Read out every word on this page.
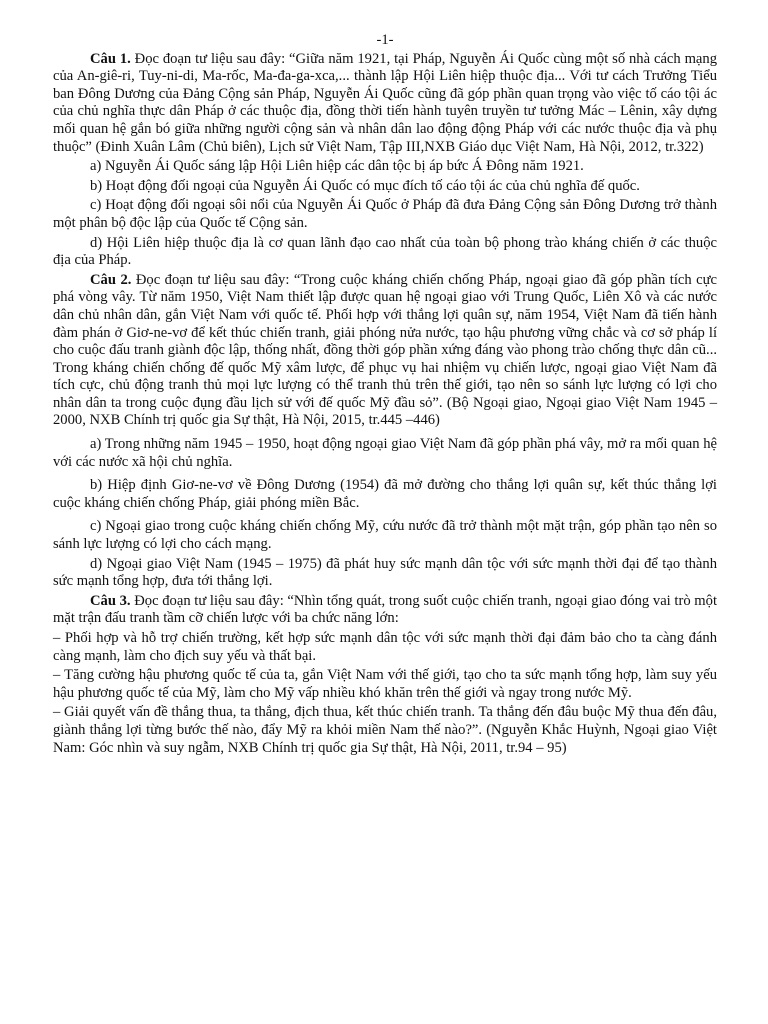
-1-

Câu 1. Đọc đoạn tư liệu sau đây: “Giữa năm 1921, tại Pháp, Nguyễn Ái Quốc cùng một số nhà cách mạng của An-giê-ri, Tuy-ni-di, Ma-rốc, Ma-đa-ga-xca,... thành lập Hội Liên hiệp thuộc địa... Với tư cách Trưởng Tiểu ban Đông Dương của Đảng Cộng sản Pháp, Nguyễn Ái Quốc cũng đã góp phần quan trọng vào việc tố cáo tội ác của chủ nghĩa thực dân Pháp ở các thuộc địa, đồng thời tiến hành tuyên truyền tư tưởng Mác – Lênin, xây dựng mối quan hệ gắn bó giữa những người cộng sản và nhân dân lao động động Pháp với các nước thuộc địa và phụ thuộc” (Đinh Xuân Lâm (Chủ biên), Lịch sử Việt Nam, Tập III,NXB Giáo dục Việt Nam, Hà Nội, 2012, tr.322)

a) Nguyễn Ái Quốc sáng lập Hội Liên hiệp các dân tộc bị áp bức Á Đông năm 1921.

b) Hoạt động đối ngoại của Nguyễn Ái Quốc có mục đích tố cáo tội ác của chủ nghĩa đế quốc.

c) Hoạt động đối ngoại sôi nổi của Nguyễn Ái Quốc ở Pháp đã đưa Đảng Cộng sản Đông Dương trở thành một phân bộ độc lập của Quốc tế Cộng sản.

d) Hội Liên hiệp thuộc địa là cơ quan lãnh đạo cao nhất của toàn bộ phong trào kháng chiến ở các thuộc địa của Pháp.

Câu 2. Đọc đoạn tư liệu sau đây: “Trong cuộc kháng chiến chống Pháp, ngoại giao đã góp phần tích cực phá vòng vây. Từ năm 1950, Việt Nam thiết lập được quan hệ ngoại giao với Trung Quốc, Liên Xô và các nước dân chủ nhân dân, gắn Việt Nam với quốc tế. Phối hợp với thắng lợi quân sự, năm 1954, Việt Nam đã tiến hành đàm phán ở Giơ-ne-vơ để kết thúc chiến tranh, giải phóng nửa nước, tạo hậu phương vững chắc và cơ sở pháp lí cho cuộc đấu tranh giành độc lập, thống nhất, đồng thời góp phần xứng đáng vào phong trào chống thực dân cũ... Trong kháng chiến chống đế quốc Mỹ xâm lược, để phục vụ hai nhiệm vụ chiến lược, ngoại giao Việt Nam đã tích cực, chủ động tranh thủ mọi lực lượng có thể tranh thủ trên thế giới, tạo nên so sánh lực lượng có lợi cho nhân dân ta trong cuộc đụng đầu lịch sử với đế quốc Mỹ đầu sỏ”. (Bộ Ngoại giao, Ngoại giao Việt Nam 1945 – 2000, NXB Chính trị quốc gia Sự thật, Hà Nội, 2015, tr.445 –446)

a) Trong những năm 1945 – 1950, hoạt động ngoại giao Việt Nam đã góp phần phá vây, mở ra mối quan hệ với các nước xã hội chủ nghĩa.

b) Hiệp định Giơ-ne-vơ về Đông Dương (1954) đã mở đường cho thắng lợi quân sự, kết thúc thắng lợi cuộc kháng chiến chống Pháp, giải phóng miền Bắc.

c) Ngoại giao trong cuộc kháng chiến chống Mỹ, cứu nước đã trở thành một mặt trận, góp phần tạo nên so sánh lực lượng có lợi cho cách mạng.

d) Ngoại giao Việt Nam (1945 – 1975) đã phát huy sức mạnh dân tộc với sức mạnh thời đại để tạo thành sức mạnh tổng hợp, đưa tới thắng lợi.

Câu 3. Đọc đoạn tư liệu sau đây: “Nhìn tổng quát, trong suốt cuộc chiến tranh, ngoại giao đóng vai trò một mặt trận đấu tranh tầm cỡ chiến lược với ba chức năng lớn:

– Phối hợp và hỗ trợ chiến trường, kết hợp sức mạnh dân tộc với sức mạnh thời đại đảm bảo cho ta càng đánh càng mạnh, làm cho địch suy yếu và thất bại.

– Tăng cường hậu phương quốc tế của ta, gắn Việt Nam với thế giới, tạo cho ta sức mạnh tổng hợp, làm suy yếu hậu phương quốc tế của Mỹ, làm cho Mỹ vấp nhiều khó khăn trên thế giới và ngay trong nước Mỹ.

– Giải quyết vấn đề thắng thua, ta thắng, địch thua, kết thúc chiến tranh. Ta thắng đến đâu buộc Mỹ thua đến đâu, giành thắng lợi từng bước thế nào, đẩy Mỹ ra khỏi miền Nam thế nào?”. (Nguyễn Khắc Huỳnh, Ngoại giao Việt Nam: Góc nhìn và suy ngẫm, NXB Chính trị quốc gia Sự thật, Hà Nội, 2011, tr.94 – 95)
